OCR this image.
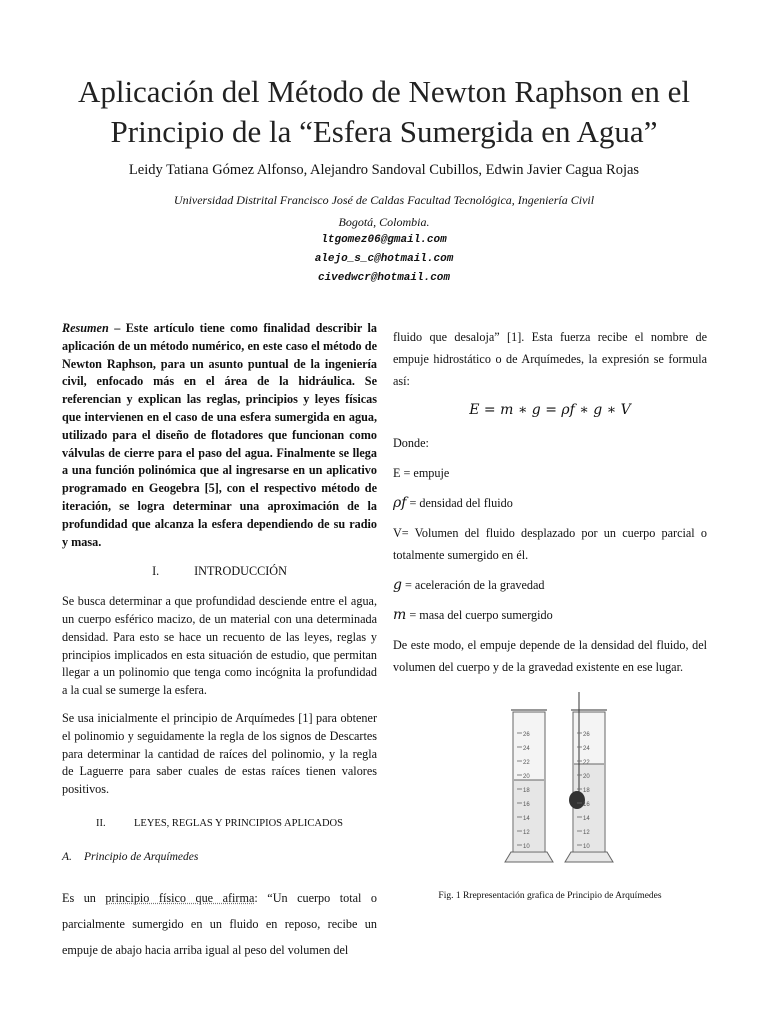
Aplicación del Método de Newton Raphson en el Principio de la “Esfera Sumergida en Agua”
Leidy Tatiana Gómez Alfonso, Alejandro Sandoval Cubillos, Edwin Javier Cagua Rojas
Universidad Distrital Francisco José de Caldas Facultad Tecnológica, Ingeniería Civil
Bogotá, Colombia.
ltgomez06@gmail.com
alejo_s_c@hotmail.com
civedwcr@hotmail.com

Resumen – Este artículo tiene como finalidad describir la aplicación de un método numérico, en este caso el método de Newton Raphson, para un asunto puntual de la ingeniería civil, enfocado más en el área de la hidráulica. Se referencian y explican las reglas, principios y leyes físicas que intervienen en el caso de una esfera sumergida en agua, utilizado para el diseño de flotadores que funcionan como válvulas de cierre para el paso del agua. Finalmente se llega a una función polinómica que al ingresarse en un aplicativo programado en Geogebra [5], con el respectivo método de iteración, se logra determinar una aproximación de la profundidad que alcanza la esfera dependiendo de su radio y masa.

I.	INTRODUCCIÓN

Se busca determinar a que profundidad desciende entre el agua, un cuerpo esférico macizo, de un material con una determinada densidad. Para esto se hace un recuento de las leyes, reglas y principios implicados en esta situación de estudio, que permitan llegar a un polinomio que tenga como incógnita la profundidad a la cual se sumerge la esfera.

Se usa inicialmente el principio de Arquímedes [1] para obtener el polinomio y seguidamente la regla de los signos de Descartes para determinar la cantidad de raíces del polinomio, y la regla de Laguerre para saber cuales de estas raíces tienen valores positivos.

II.	LEYES, REGLAS Y PRINCIPIOS APLICADOS
A. Principio de Arquímedes

Es un principio físico que afirma: “Un cuerpo total o parcialmente sumergido en un fluido en reposo, recibe un empuje de abajo hacia arriba igual al peso del volumen del

fluido que desaloja” [1]. Esta fuerza recibe el nombre de empuje hidrostático o de Arquímedes, la expresión se formula así:

E = m ∗ g = ρf ∗ g ∗ V

Donde:

E = empuje

ρf = densidad del fluido

V= Volumen del fluido desplazado por un cuerpo parcial o totalmente sumergido en él.

g = aceleración de la gravedad

m = masa del cuerpo sumergido

De este modo, el empuje depende de la densidad del fluido, del volumen del cuerpo y de la gravedad existente en ese lugar.

26
24
22
20
18
16
14
12
10
26
24
22
20
18
16
14
12
10
Fig. 1 Rrepresentación grafica de Principio de Arquímedes
